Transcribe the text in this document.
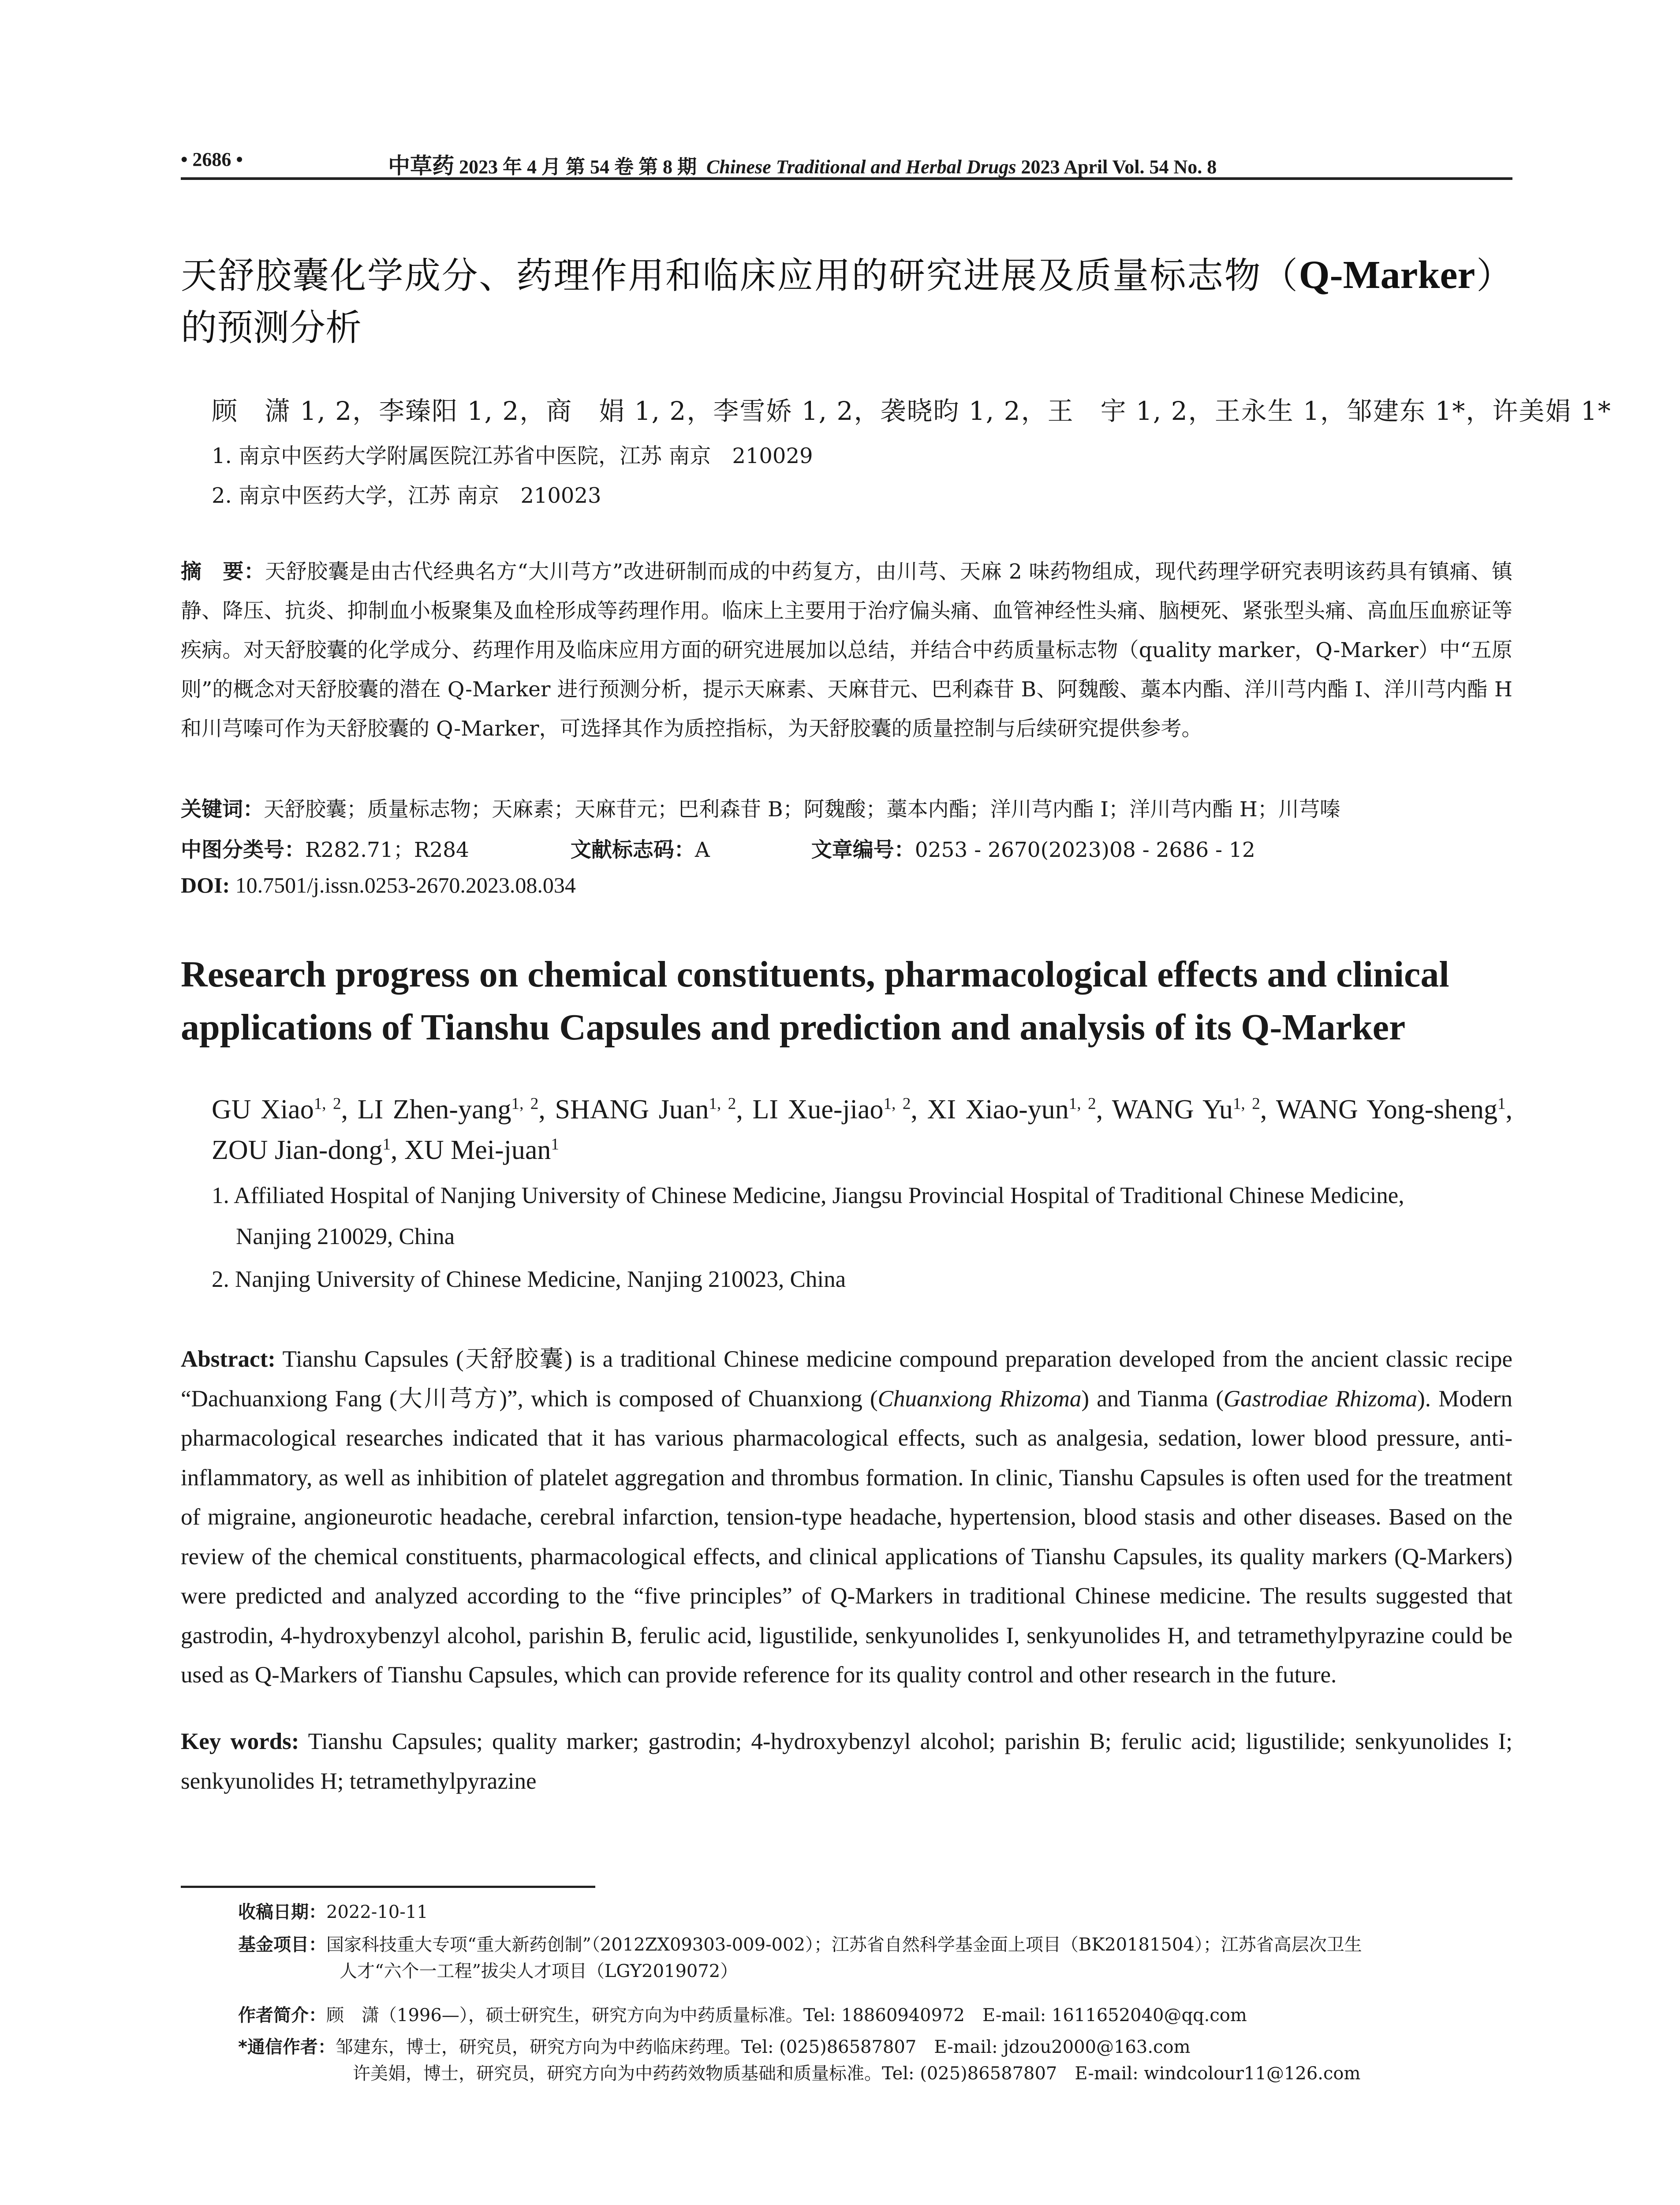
• 2686 •	中草药 2023 年 4 月 第 54 卷 第 8 期 Chinese Traditional and Herbal Drugs 2023 April Vol. 54 No. 8
天舒胶囊化学成分、药理作用和临床应用的研究进展及质量标志物（Q-Marker）的预测分析
顾　潇 1, 2，李臻阳 1, 2，商　娟 1, 2，李雪娇 1, 2，袭晓昀 1, 2，王　宇 1, 2，王永生 1，邹建东 1*，许美娟 1*
1. 南京中医药大学附属医院江苏省中医院，江苏 南京　210029
2. 南京中医药大学，江苏 南京　210023
摘　要：天舒胶囊是由古代经典名方“大川芎方”改进研制而成的中药复方，由川芎、天麻 2 味药物组成，现代药理学研究表明该药具有镇痛、镇静、降压、抗炎、抑制血小板聚集及血栓形成等药理作用。临床上主要用于治疗偏头痛、血管神经性头痛、脑梗死、紧张型头痛、高血压血瘀证等疾病。对天舒胶囊的化学成分、药理作用及临床应用方面的研究进展加以总结，并结合中药质量标志物（quality marker，Q-Marker）中“五原则”的概念对天舒胶囊的潜在 Q-Marker 进行预测分析，提示天麻素、天麻苷元、巴利森苷 B、阿魏酸、藁本内酯、洋川芎内酯 I、洋川芎内酯 H 和川芎嗪可作为天舒胶囊的 Q-Marker，可选择其作为质控指标，为天舒胶囊的质量控制与后续研究提供参考。
关键词：天舒胶囊；质量标志物；天麻素；天麻苷元；巴利森苷 B；阿魏酸；藁本内酯；洋川芎内酯 I；洋川芎内酯 H；川芎嗪
中图分类号：R282.71；R284	文献标志码：A	文章编号：0253 - 2670(2023)08 - 2686 - 12
DOI: 10.7501/j.issn.0253-2670.2023.08.034
Research progress on chemical constituents, pharmacological effects and clinical applications of Tianshu Capsules and prediction and analysis of its Q-Marker
GU Xiao$^{1, 2}$, LI Zhen-yang$^{1, 2}$, SHANG Juan$^{1, 2}$, LI Xue-jiao$^{1, 2}$, XI Xiao-yun$^{1, 2}$, WANG Yu$^{1, 2}$, WANG Yong-sheng$^1$, ZOU Jian-dong$^1$, XU Mei-juan$^1$
1. Affiliated Hospital of Nanjing University of Chinese Medicine, Jiangsu Provincial Hospital of Traditional Chinese Medicine,
Nanjing 210029, China
2. Nanjing University of Chinese Medicine, Nanjing 210023, China
Abstract: Tianshu Capsules (天舒胶囊) is a traditional Chinese medicine compound preparation developed from the ancient classic recipe “Dachuanxiong Fang (大川芎方)”, which is composed of Chuanxiong (Chuanxiong Rhizoma) and Tianma (Gastrodiae Rhizoma). Modern pharmacological researches indicated that it has various pharmacological effects, such as analgesia, sedation, lower blood pressure, anti-inflammatory, as well as inhibition of platelet aggregation and thrombus formation. In clinic, Tianshu Capsules is often used for the treatment of migraine, angioneurotic headache, cerebral infarction, tension-type headache, hypertension, blood stasis and other diseases. Based on the review of the chemical constituents, pharmacological effects, and clinical applications of Tianshu Capsules, its quality markers (Q-Markers) were predicted and analyzed according to the “five principles” of Q-Markers in traditional Chinese medicine. The results suggested that gastrodin, 4-hydroxybenzyl alcohol, parishin B, ferulic acid, ligustilide, senkyunolides I, senkyunolides H, and tetramethylpyrazine could be used as Q-Markers of Tianshu Capsules, which can provide reference for its quality control and other research in the future.
Key words: Tianshu Capsules; quality marker; gastrodin; 4-hydroxybenzyl alcohol; parishin B; ferulic acid; ligustilide; senkyunolides I; senkyunolides H; tetramethylpyrazine
收稿日期：2022-10-11
基金项目：国家科技重大专项“重大新药创制”（2012ZX09303-009-002）；江苏省自然科学基金面上项目（BK20181504）；江苏省高层次卫生
人才“六个一工程”拔尖人才项目（LGY2019072）
作者简介：顾　潇（1996—），硕士研究生，研究方向为中药质量标准。Tel: 18860940972　E-mail: 1611652040@qq.com
*通信作者：邹建东，博士，研究员，研究方向为中药临床药理。Tel: (025)86587807　E-mail: jdzou2000@163.com
许美娟，博士，研究员，研究方向为中药药效物质基础和质量标准。Tel: (025)86587807　E-mail: windcolour11@126.com
